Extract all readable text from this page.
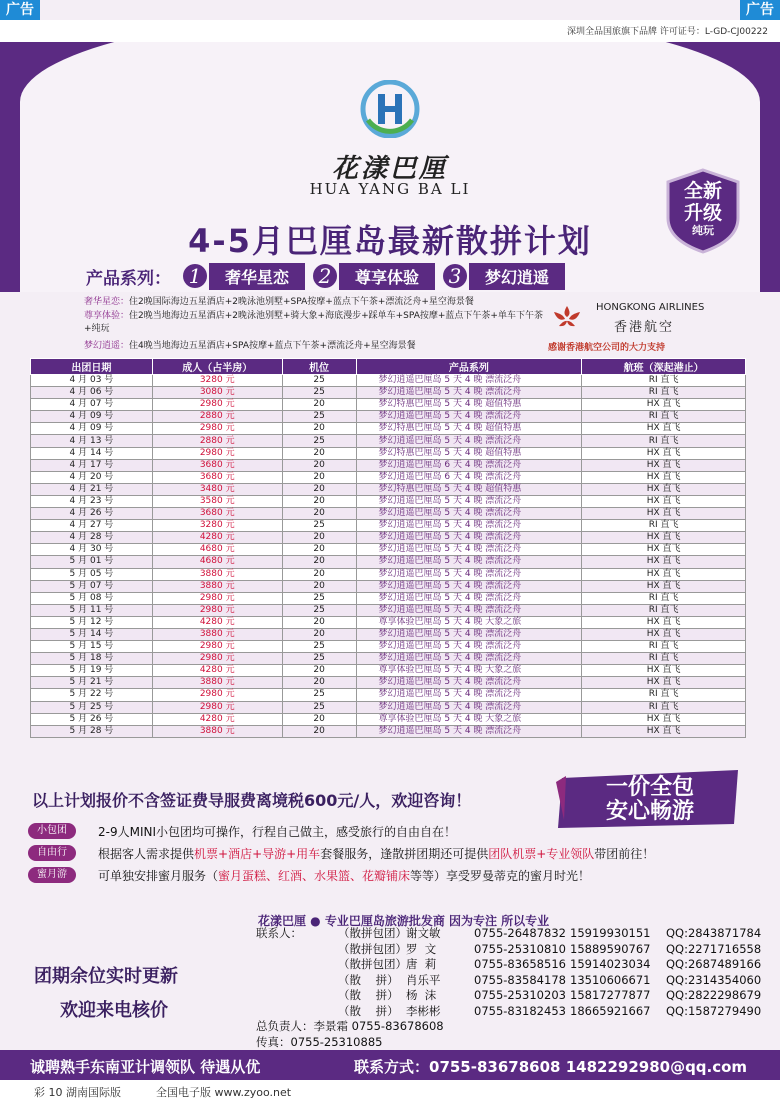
广告	广告
深圳全品国旅旗下品牌 许可证号：L-GD-CJ00222
花漾巴厘
HUA YANG BA LI	全新
升级
纯玩
4-5月巴厘岛最新散拼计划
产品系列： 1	奢华星恋	2	尊享体验	3	梦幻逍遥
奢华星恋：住2晚国际海边五星酒店+2晚泳池别墅+SPA按摩+蓝点下午茶+漂流泛舟+星空海景餐
尊享体验：住2晚当地海边五星酒店+2晚泳池别墅+骑大象+海底漫步+踩单车+SPA按摩+蓝点下午茶+单车下午茶+纯玩
梦幻逍遥：住4晚当地海边五星酒店+SPA按摩+蓝点下午茶+漂流泛舟+星空海景餐
HONGKONG AIRLINES
香港航空
感谢香港航空公司的大力支持
出团日期	成人（占半房）	机位	产品系列	航班（深起港止）
4 月 03 号	3280 元	25	梦幻逍遥巴厘岛 5 天 4 晚 漂流泛舟	RI 直飞
4 月 06 号	3080 元	25	梦幻逍遥巴厘岛 5 天 4 晚 漂流泛舟	RI 直飞
4 月 07 号	2980 元	20	梦幻特惠巴厘岛 5 天 4 晚 超值特惠	HX 直飞
4 月 09 号	2880 元	25	梦幻逍遥巴厘岛 5 天 4 晚 漂流泛舟	RI 直飞
4 月 09 号	2980 元	20	梦幻特惠巴厘岛 5 天 4 晚 超值特惠	HX 直飞
4 月 13 号	2880 元	25	梦幻逍遥巴厘岛 5 天 4 晚 漂流泛舟	RI 直飞
4 月 14 号	2980 元	20	梦幻特惠巴厘岛 5 天 4 晚 超值特惠	HX 直飞
4 月 17 号	3680 元	20	梦幻逍遥巴厘岛 6 天 4 晚 漂流泛舟	HX 直飞
4 月 20 号	3680 元	20	梦幻逍遥巴厘岛 6 天 4 晚 漂流泛舟	HX 直飞
4 月 21 号	3480 元	20	梦幻特惠巴厘岛 5 天 4 晚 超值特惠	HX 直飞
4 月 23 号	3580 元	20	梦幻逍遥巴厘岛 5 天 4 晚 漂流泛舟	HX 直飞
4 月 26 号	3680 元	20	梦幻逍遥巴厘岛 5 天 4 晚 漂流泛舟	HX 直飞
4 月 27 号	3280 元	25	梦幻逍遥巴厘岛 5 天 4 晚 漂流泛舟	RI 直飞
4 月 28 号	4280 元	20	梦幻逍遥巴厘岛 5 天 4 晚 漂流泛舟	HX 直飞
4 月 30 号	4680 元	20	梦幻逍遥巴厘岛 5 天 4 晚 漂流泛舟	HX 直飞
5 月 01 号	4680 元	20	梦幻逍遥巴厘岛 5 天 4 晚 漂流泛舟	HX 直飞
5 月 05 号	3880 元	20	梦幻逍遥巴厘岛 5 天 4 晚 漂流泛舟	HX 直飞
5 月 07 号	3880 元	20	梦幻逍遥巴厘岛 5 天 4 晚 漂流泛舟	HX 直飞
5 月 08 号	2980 元	25	梦幻逍遥巴厘岛 5 天 4 晚 漂流泛舟	RI 直飞
5 月 11 号	2980 元	25	梦幻逍遥巴厘岛 5 天 4 晚 漂流泛舟	RI 直飞
5 月 12 号	4280 元	20	尊享体验巴厘岛 5 天 4 晚 大象之旅	HX 直飞
5 月 14 号	3880 元	20	梦幻逍遥巴厘岛 5 天 4 晚 漂流泛舟	HX 直飞
5 月 15 号	2980 元	25	梦幻逍遥巴厘岛 5 天 4 晚 漂流泛舟	RI 直飞
5 月 18 号	2980 元	25	梦幻逍遥巴厘岛 5 天 4 晚 漂流泛舟	RI 直飞
5 月 19 号	4280 元	20	尊享体验巴厘岛 5 天 4 晚 大象之旅	HX 直飞
5 月 21 号	3880 元	20	梦幻逍遥巴厘岛 5 天 4 晚 漂流泛舟	HX 直飞
5 月 22 号	2980 元	25	梦幻逍遥巴厘岛 5 天 4 晚 漂流泛舟	RI 直飞
5 月 25 号	2980 元	25	梦幻逍遥巴厘岛 5 天 4 晚 漂流泛舟	RI 直飞
5 月 26 号	4280 元	20	尊享体验巴厘岛 5 天 4 晚 大象之旅	HX 直飞
5 月 28 号	3880 元	20	梦幻逍遥巴厘岛 5 天 4 晚 漂流泛舟	HX 直飞
以上计划报价不含签证费导服费离境税600元/人，欢迎咨询！
一价全包
安心畅游
小包团	2-9人MINI小包团均可操作，行程自己做主，感受旅行的自由自在！
自由行	根据客人需求提供 机票+酒店+导游+用车 套餐服务，逢散拼团期还可提供 团队机票+专业领队 带团前往！
蜜月游	可单独安排蜜月服务（ 蜜月蛋糕、红酒、水果篮、花瓣铺床 等等）享受罗曼蒂克的蜜月时光！
花漾巴厘 ● 专业巴厘岛旅游批发商 因为专注 所以专业
联系人：	（散拼包团） 谢文敏	0755-26487832 15919930151	QQ:2843871784
（散拼包团） 罗  文	0755-25310810 15889590767	QQ:2271716558
（散拼包团） 唐  莉	0755-83658516 15914023034	QQ:2687489166
（散    拼） 肖乐平	0755-83584178 13510606671	QQ:2314354060
（散    拼） 杨  沫	0755-25310203 15817277877	QQ:2822298679
（散    拼） 李彬彬	0755-83182453 18665921667	QQ:1587279490
总负责人：李景霜 0755-83678608
传真：0755-25310885
团期余位实时更新
欢迎来电核价
诚聘熟手东南亚计调领队 待遇从优	联系方式：0755-83678608 1482292980@qq.com
彩 10 湖南国际版	全国电子版 www.zyoo.net
